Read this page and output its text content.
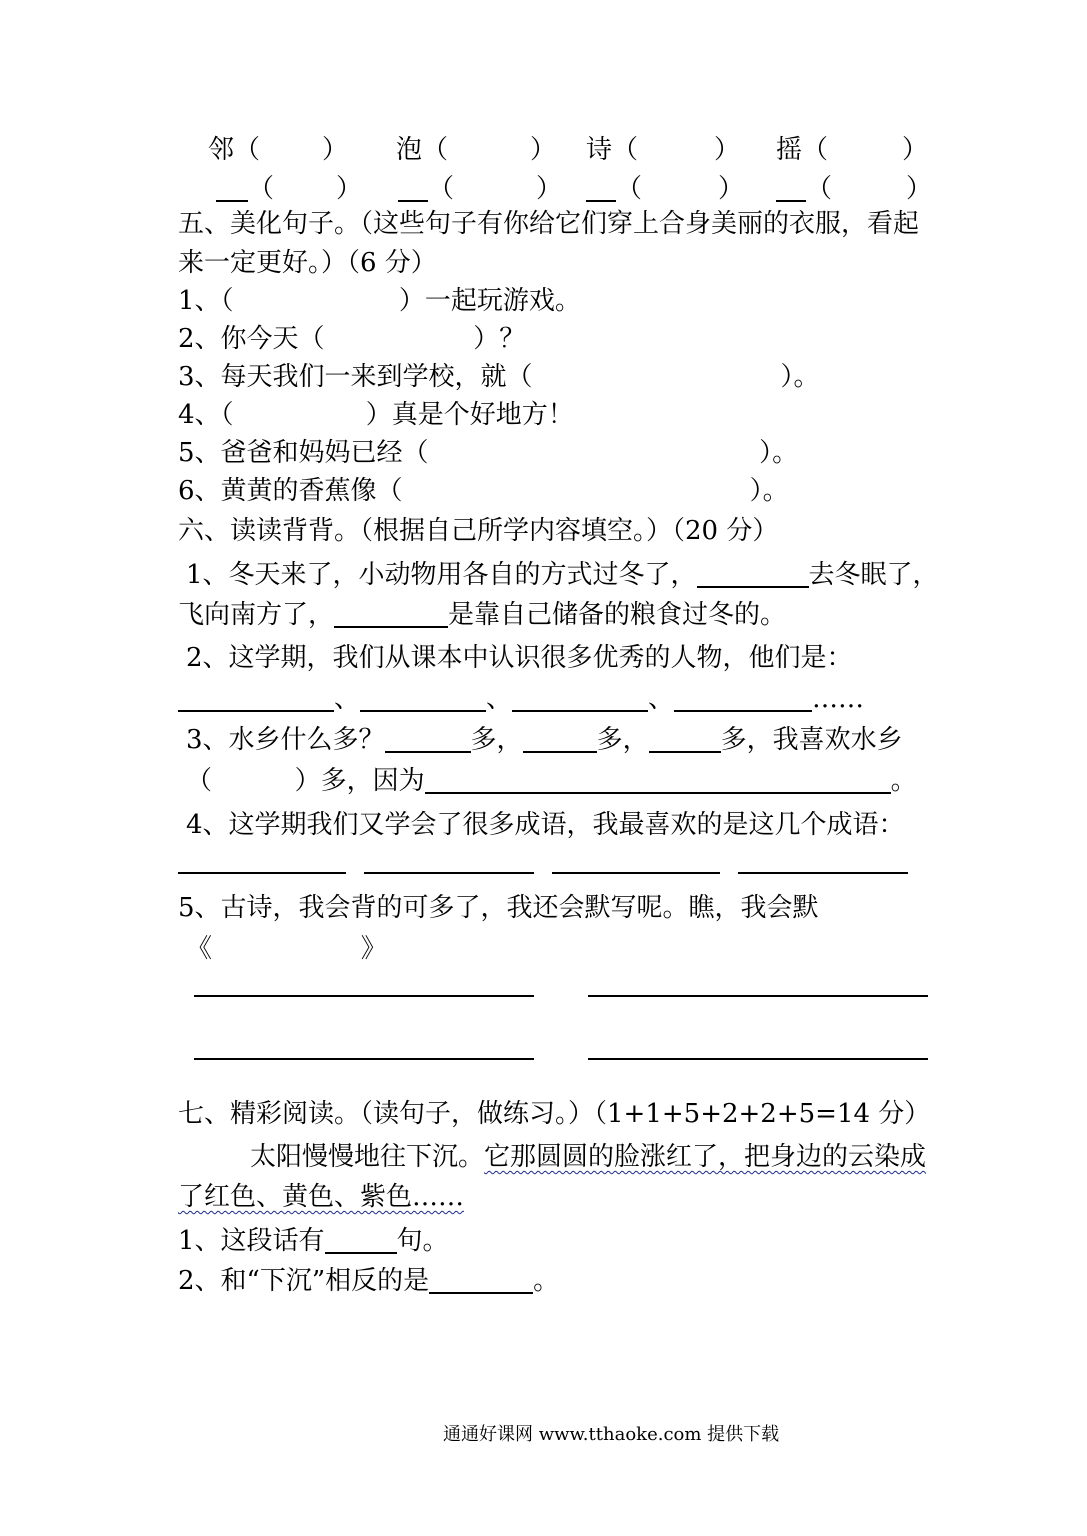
邻（ ） 泡（	） 诗（	） 摇（	）
（ ）	（	）	（	）	（	）
五、美化句子。（这些句子有你给它们穿上合身美丽的衣服，看起
来一定更好。）（6 分）
1、（                    ）一起玩游戏。
2、你今天（                  ）？
3、每天我们一来到学校，就（                              ）。
4、（                ）真是个好地方！
5、爸爸和妈妈已经（                                        ）。
6、黄黄的香蕉像（                                          ）。
六、读读背背。（根据自己所学内容填空。）（20 分）
1、冬天来了，小动物用各自的方式过冬了，	去冬眠了，
飞向南方了，	是靠自己储备的粮食过冬的。
2、这学期，我们从课本中认识很多优秀的人物，他们是：
、	、	、	……
3、水乡什么多？	多，	多，	多，我喜欢水乡
（          ）多，因为	。
4、这学期我们又学会了很多成语，我最喜欢的是这几个成语：
5、古诗，我会背的可多了，我还会默写呢。瞧，我会默
《                  》
七、精彩阅读。（读句子，做练习。）（1+1+5+2+2+5=14 分）
太阳慢慢地往下沉。它那圆圆的脸涨红了，把身边的云染成
了红色、黄色、紫色……
1、这段话有	句。
2、和“下沉”相反的是	。
通通好课网 www.tthaoke.com 提供下载
